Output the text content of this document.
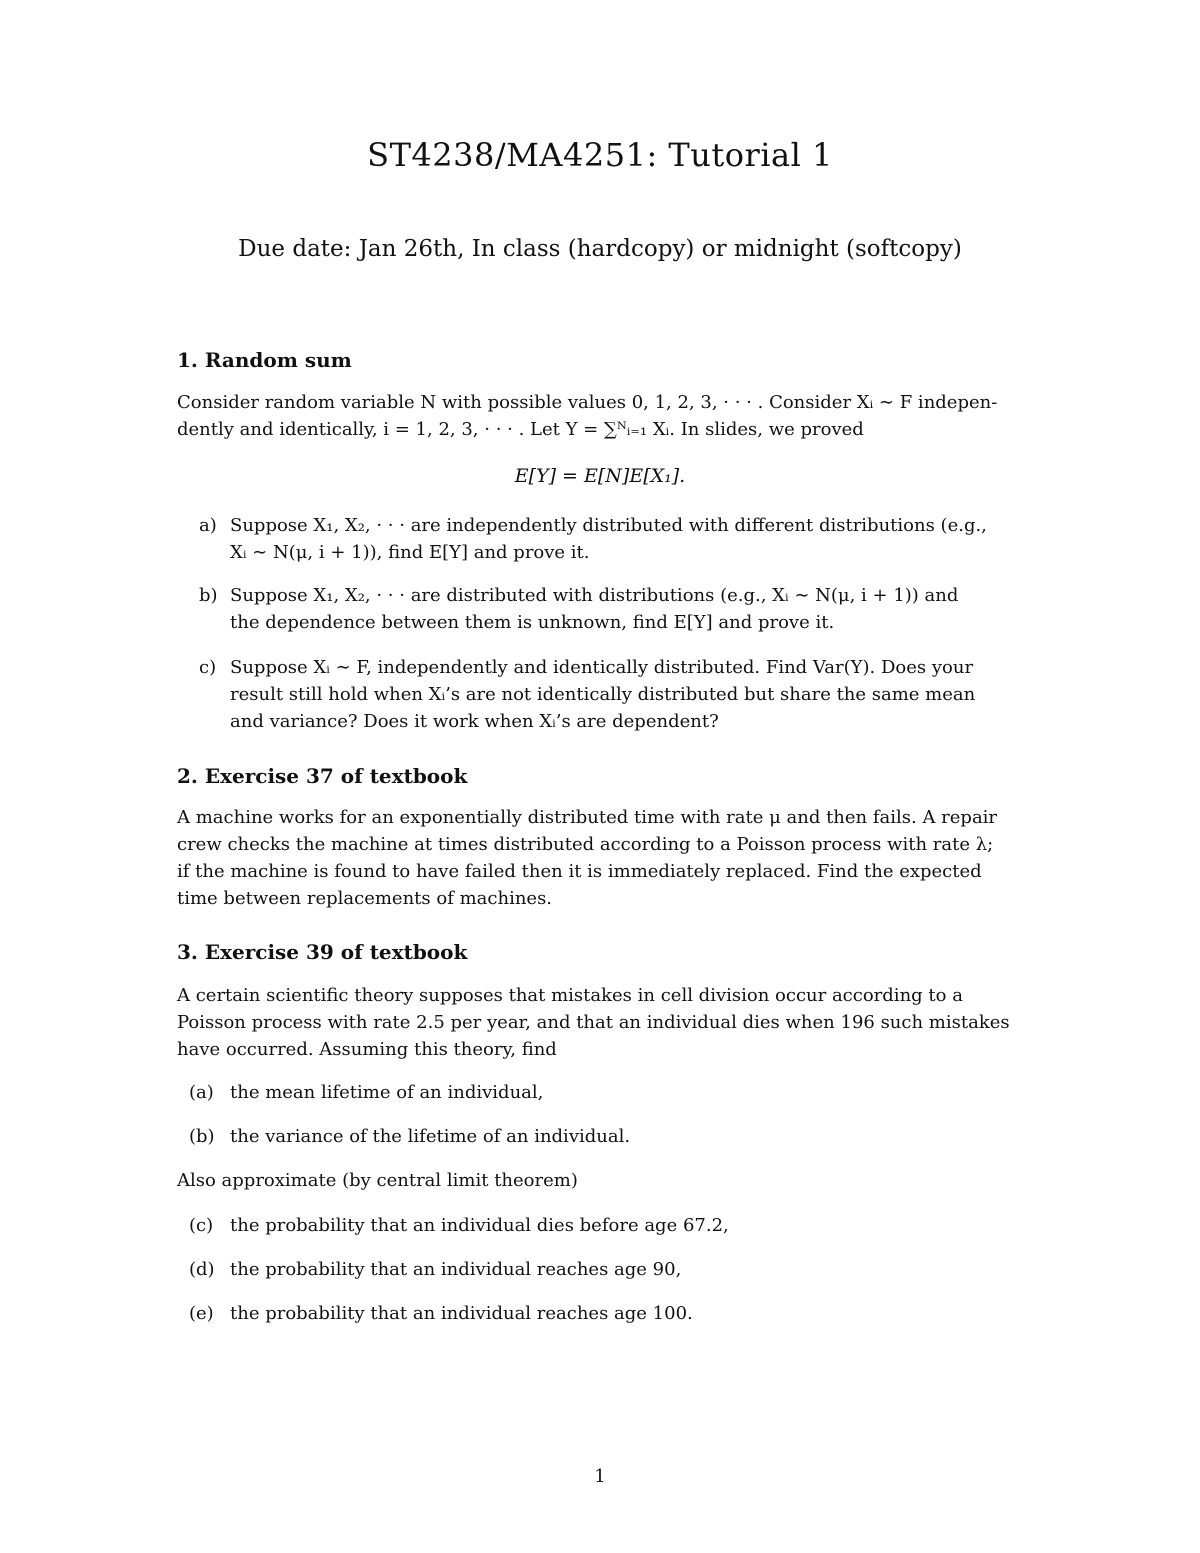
ST4238/MA4251: Tutorial 1
Due date: Jan 26th, In class (hardcopy) or midnight (softcopy)
1. Random sum
Consider random variable N with possible values 0, 1, 2, 3, · · · . Consider Xᵢ ∼ F indepen-
dently and identically, i = 1, 2, 3, · · · . Let Y = ∑ᴺᵢ₌₁ Xᵢ. In slides, we proved
E[Y] = E[N]E[X₁].
a) Suppose X₁, X₂, · · · are independently distributed with different distributions (e.g.,
Xᵢ ∼ N(μ, i + 1)), find E[Y] and prove it.
b) Suppose X₁, X₂, · · · are distributed with distributions (e.g., Xᵢ ∼ N(μ, i + 1)) and
the dependence between them is unknown, find E[Y] and prove it.
c) Suppose Xᵢ ∼ F, independently and identically distributed. Find Var(Y). Does your
result still hold when Xᵢ’s are not identically distributed but share the same mean
and variance? Does it work when Xᵢ’s are dependent?
2. Exercise 37 of textbook
A machine works for an exponentially distributed time with rate μ and then fails. A repair
crew checks the machine at times distributed according to a Poisson process with rate λ;
if the machine is found to have failed then it is immediately replaced. Find the expected
time between replacements of machines.
3. Exercise 39 of textbook
A certain scientific theory supposes that mistakes in cell division occur according to a
Poisson process with rate 2.5 per year, and that an individual dies when 196 such mistakes
have occurred. Assuming this theory, find
(a) the mean lifetime of an individual,
(b) the variance of the lifetime of an individual.
Also approximate (by central limit theorem)
(c) the probability that an individual dies before age 67.2,
(d) the probability that an individual reaches age 90,
(e) the probability that an individual reaches age 100.
1
